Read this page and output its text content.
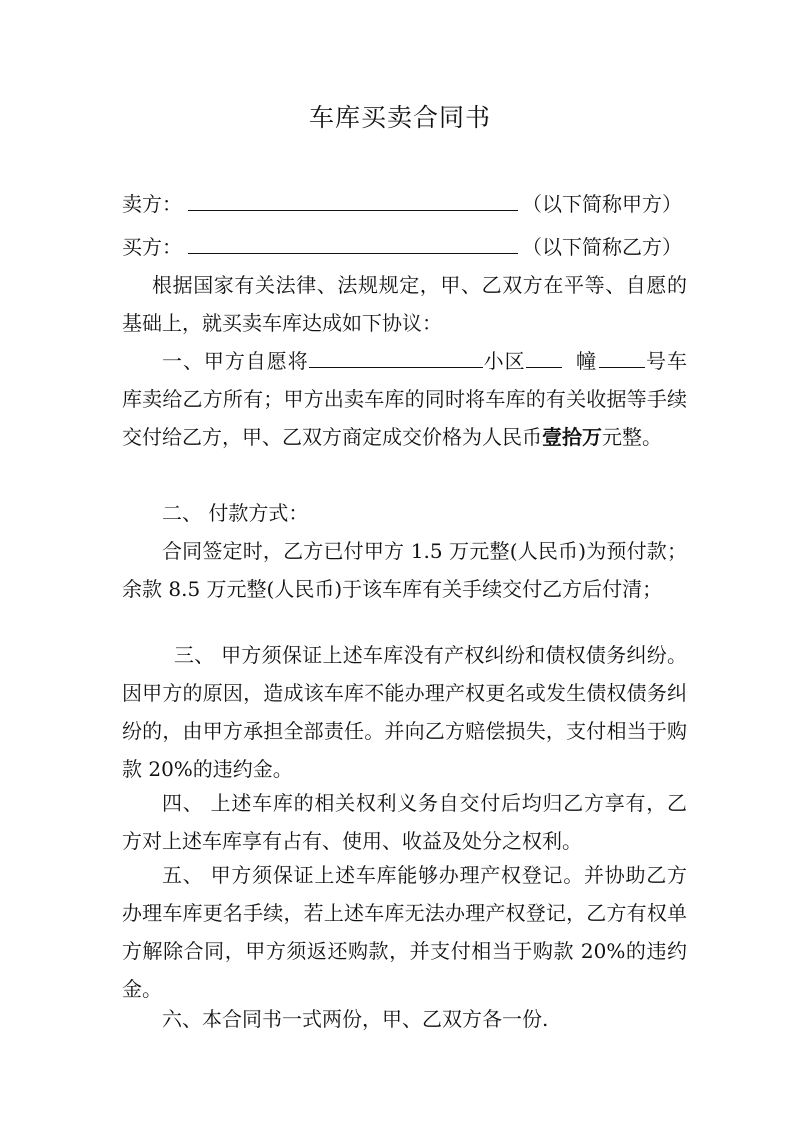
车库买卖合同书
卖方：	（以下简称甲方）
买方：	（以下简称乙方）
根据国家有关法律、法规规定，甲、乙双方在平等、自愿的基础上，就买卖车库达成如下协议：
一、甲方自愿将	小区	幢 号车库卖给乙方所有；甲方出卖车库的同时将车库的有关收据等手续交付给乙方，甲、乙双方商定成交价格为人民币壹拾万元整。
二、 付款方式：
合同签定时，乙方已付甲方 1.5 万元整(人民币)为预付款；余款 8.5 万元整(人民币)于该车库有关手续交付乙方后付清；
三、 甲方须保证上述车库没有产权纠纷和债权债务纠纷。因甲方的原因，造成该车库不能办理产权更名或发生债权债务纠纷的，由甲方承担全部责任。并向乙方赔偿损失，支付相当于购款 20%的违约金。
四、 上述车库的相关权利义务自交付后均归乙方享有，乙方对上述车库享有占有、使用、收益及处分之权利。
五、 甲方须保证上述车库能够办理产权登记。并协助乙方办理车库更名手续，若上述车库无法办理产权登记，乙方有权单方解除合同，甲方须返还购款，并支付相当于购款 20%的违约金。
六、本合同书一式两份，甲、乙双方各一份.
